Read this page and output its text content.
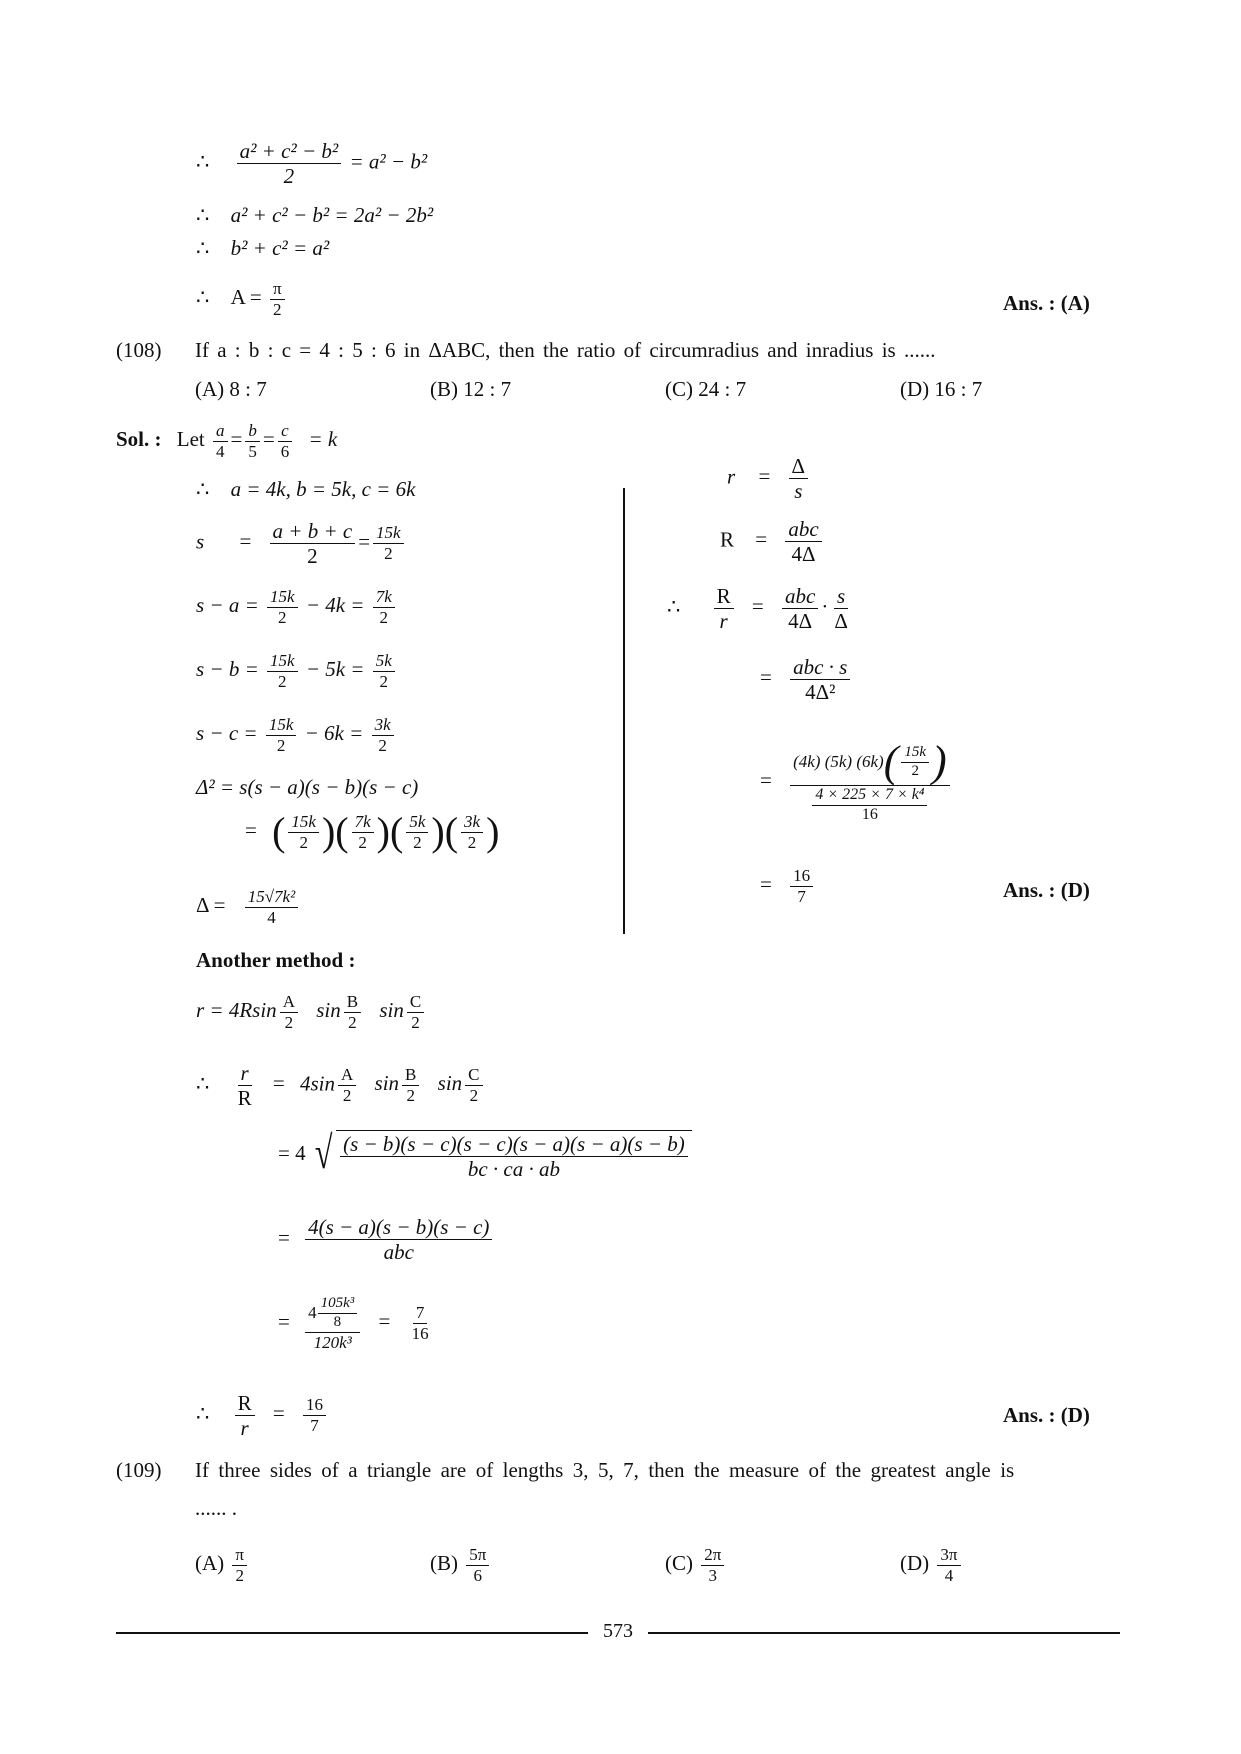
∴ $\frac{\text{a² + c² − b²}}{2} = a^2 - b^2$
∴ a² + c² − b² = 2a² − 2b²
∴ b² + c² = a²
∴ $A = \frac{\pi}{2}$	Ans. : (A)
(108) If a : b : c = 4 : 5 : 6 in ΔABC, then the ratio of circumradius and inradius is ......
(A) 8 : 7	(B) 12 : 7	(C) 24 : 7	(D) 16 : 7
Sol. : Let $\frac{a}{4} = \frac{b}{5} = \frac{c}{6} = k$
∴ a = 4k, b = 5k, c = 6k
$s = \frac{a + b + c}{2} = \frac{15k}{2}$
$s - a = \frac{15k}{2} - 4k = \frac{7k}{2}$
$s - b = \frac{15k}{2} - 5k = \frac{5k}{2}$
$s - c = \frac{15k}{2} - 6k = \frac{3k}{2}$
Δ² = s(s − a)(s − b)(s − c)
= ( $\frac{15k}{2}$ )( $\frac{7k}{2}$ )( $\frac{5k}{2}$ )( $\frac{3k}{2}$ )
$\Delta = \frac{\text{15√7k²}}{4}$
$r = \frac{\Delta}{s}$
$R = \frac{\text{abc}}{4\Delta}$
∴ $\frac{R}{r} = \frac{\text{abc}}{4\Delta} \cdot \frac{s}{\Delta}$
= $\frac{\text{abc · s}}{\text{4Δ²}}$
= $\frac{(4k) (5k) (6k) ( \frac{15k}{2} )}{\frac{\text{4 × 225 × 7 × k⁴}}{16}}$
= $\frac{16}{7}$	Ans. : (D)
Another method :
$r = 4Rsin \frac{A}{2}$ $\sin \frac{B}{2}$ $\sin \frac{C}{2}$
∴ $\frac{r}{R} = 4\sin \frac{A}{2}$ $\sin \frac{B}{2}$ $\sin \frac{C}{2}$
= 4 √ $\frac{(s - b)(s - c)(s - c)(s - a)(s - a)(s - b)}{bc \cdot ca \cdot ab}$
= $\frac{4(s - a)(s - b)(s - c)}{\text{abc}}$
= $\frac{4 \frac{\text{105k³}}{8}}{\text{120k³}} = \frac{7}{16}$
∴ $\frac{R}{r} = \frac{16}{7}$	Ans. : (D)
(109) If three sides of a triangle are of lengths 3, 5, 7, then the measure of the greatest angle is
...... .
$(A) \frac{\pi}{2}$	$(B) \frac{5\pi}{6}$	$(C) \frac{2\pi}{3}$	$(D) \frac{3\pi}{4}$
573
